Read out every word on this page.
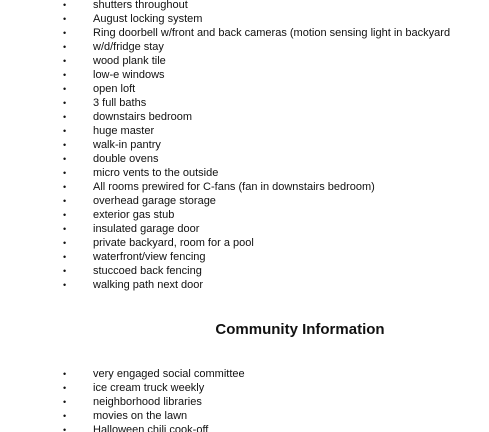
•	shutters throughout
•	August locking system
•	Ring doorbell w/front and back cameras (motion sensing light in backyard
•	w/d/fridge stay
•	wood plank tile
•	low-e windows
•	open loft
•	3 full baths
•	downstairs bedroom
•	huge master
•	walk-in pantry
•	double ovens
•	micro vents to the outside
•	All rooms prewired for C-fans (fan in downstairs bedroom)
•	overhead garage storage
•	exterior gas stub
•	insulated garage door
•	private backyard, room for a pool
•	waterfront/view fencing
•	stuccoed back fencing
•	walking path next door
Community Information
•	very engaged social committee
•	ice cream truck weekly
•	neighborhood libraries
•	movies on the lawn
•	Halloween chili cook-off
